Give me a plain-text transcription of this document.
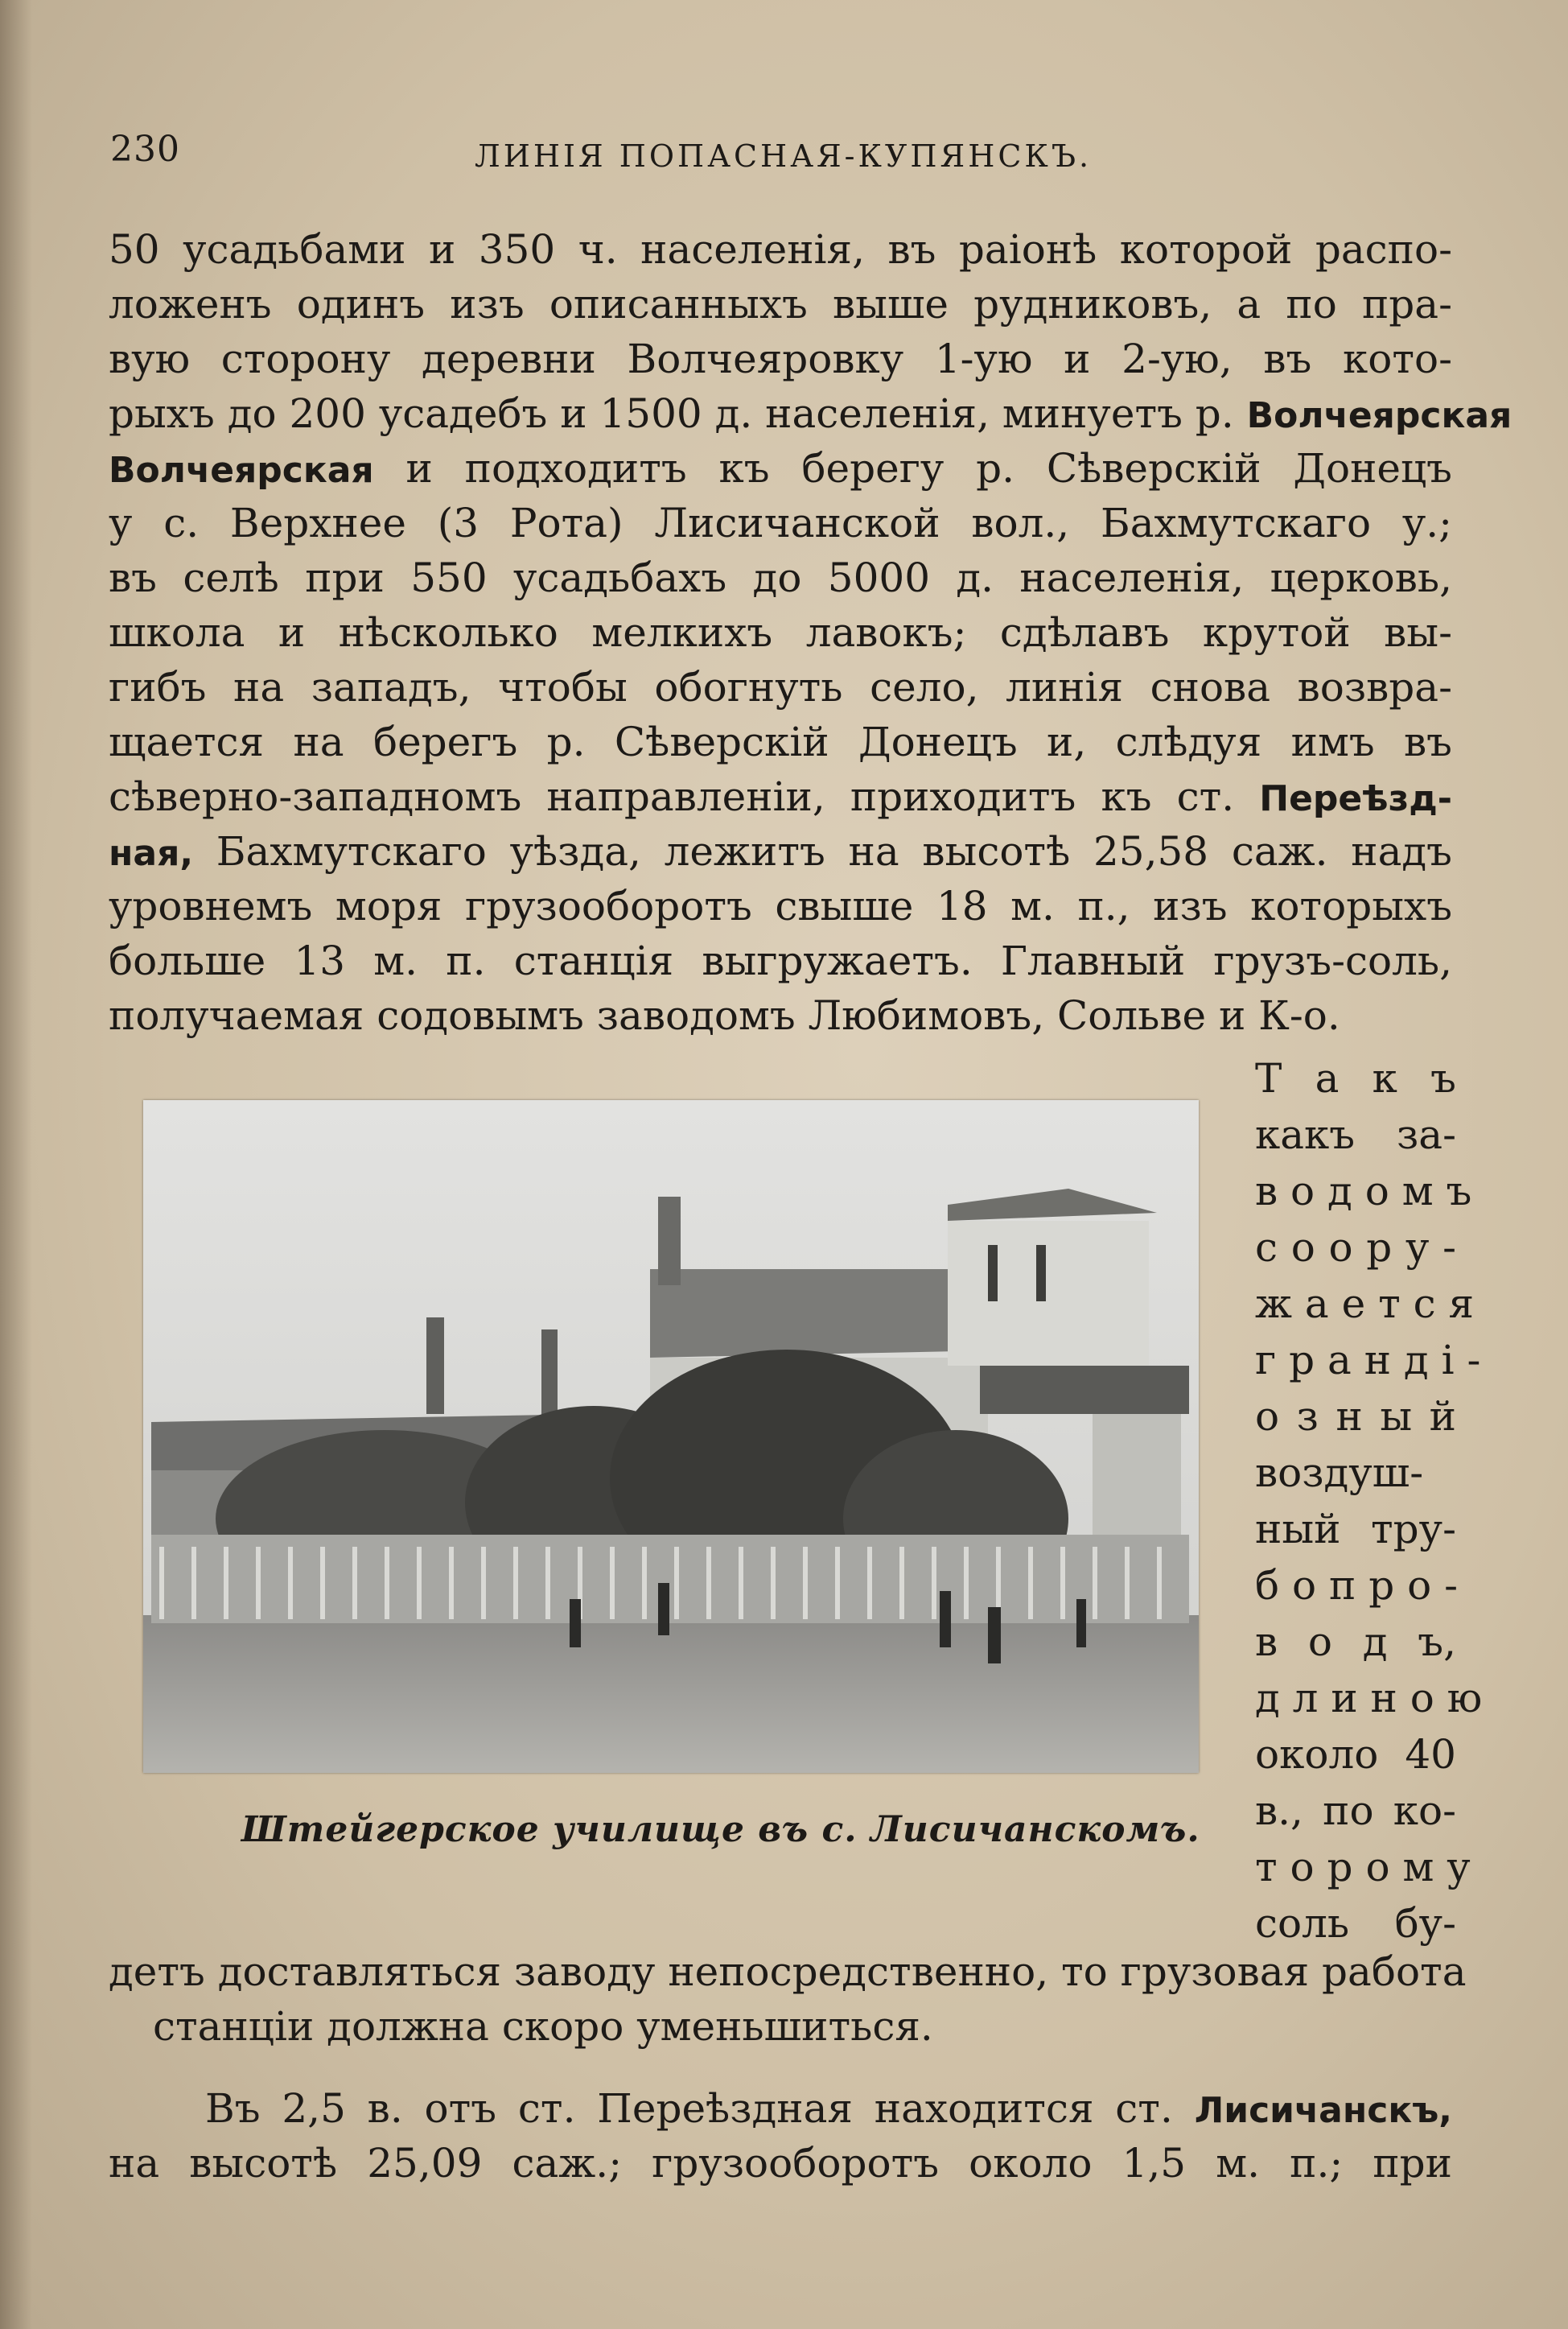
230	ЛИНІЯ ПОПАСНАЯ-КУПЯНСКЪ.
50 усадьбами и 350 ч. населенія, въ раіонѣ которой распо-
ложенъ одинъ изъ описанныхъ выше рудниковъ, а по пра-
вую сторону деревни Волчеяровку 1-ую и 2-ую, въ кото-
рыхъ до 200 усадебъ и 1500 д. населенія, минуетъ р. Волчеярская
Волчеярская и подходитъ къ берегу р. Сѣверскій Донецъ
у с. Верхнее (3 Рота) Лисичанской вол., Бахмутскаго у.;
въ селѣ при 550 усадьбахъ до 5000 д. населенія, церковь,
школа и нѣсколько мелкихъ лавокъ; сдѣлавъ крутой вы-
гибъ на западъ, чтобы обогнуть село, линія снова возвра-
щается на берегъ р. Сѣверскій Донецъ и, слѣдуя имъ въ
сѣверно-западномъ направленіи, приходитъ къ ст. Переѣзд-
ная, Бахмутскаго уѣзда, лежитъ на высотѣ 25,58 саж. надъ
уровнемъ моря грузооборотъ свыше 18 м. п., изъ которыхъ
больше 13 м. п. станція выгружаетъ. Главный грузъ-соль,
получаемая содовымъ заводомъ Любимовъ, Сольве и К-о.
Т а к ъ
какъ за-
в о д о м ъ
с о о р у -
ж а е т с я
г р а н д і -
о з н ы й
воздуш-
ный тру-
б о п р о -
в о д ъ,
д л и н о ю
около 40
в., по ко-
т о р о м у
соль бу-
Штейгерское училище въ с. Лисичанскомъ.
детъ доставляться заводу непосредственно, то грузовая работа
станціи должна скоро уменьшиться.
Въ 2,5 в. отъ ст. Переѣздная находится ст. Лисичанскъ,
на высотѣ 25,09 саж.; грузооборотъ около 1,5 м. п.; при
